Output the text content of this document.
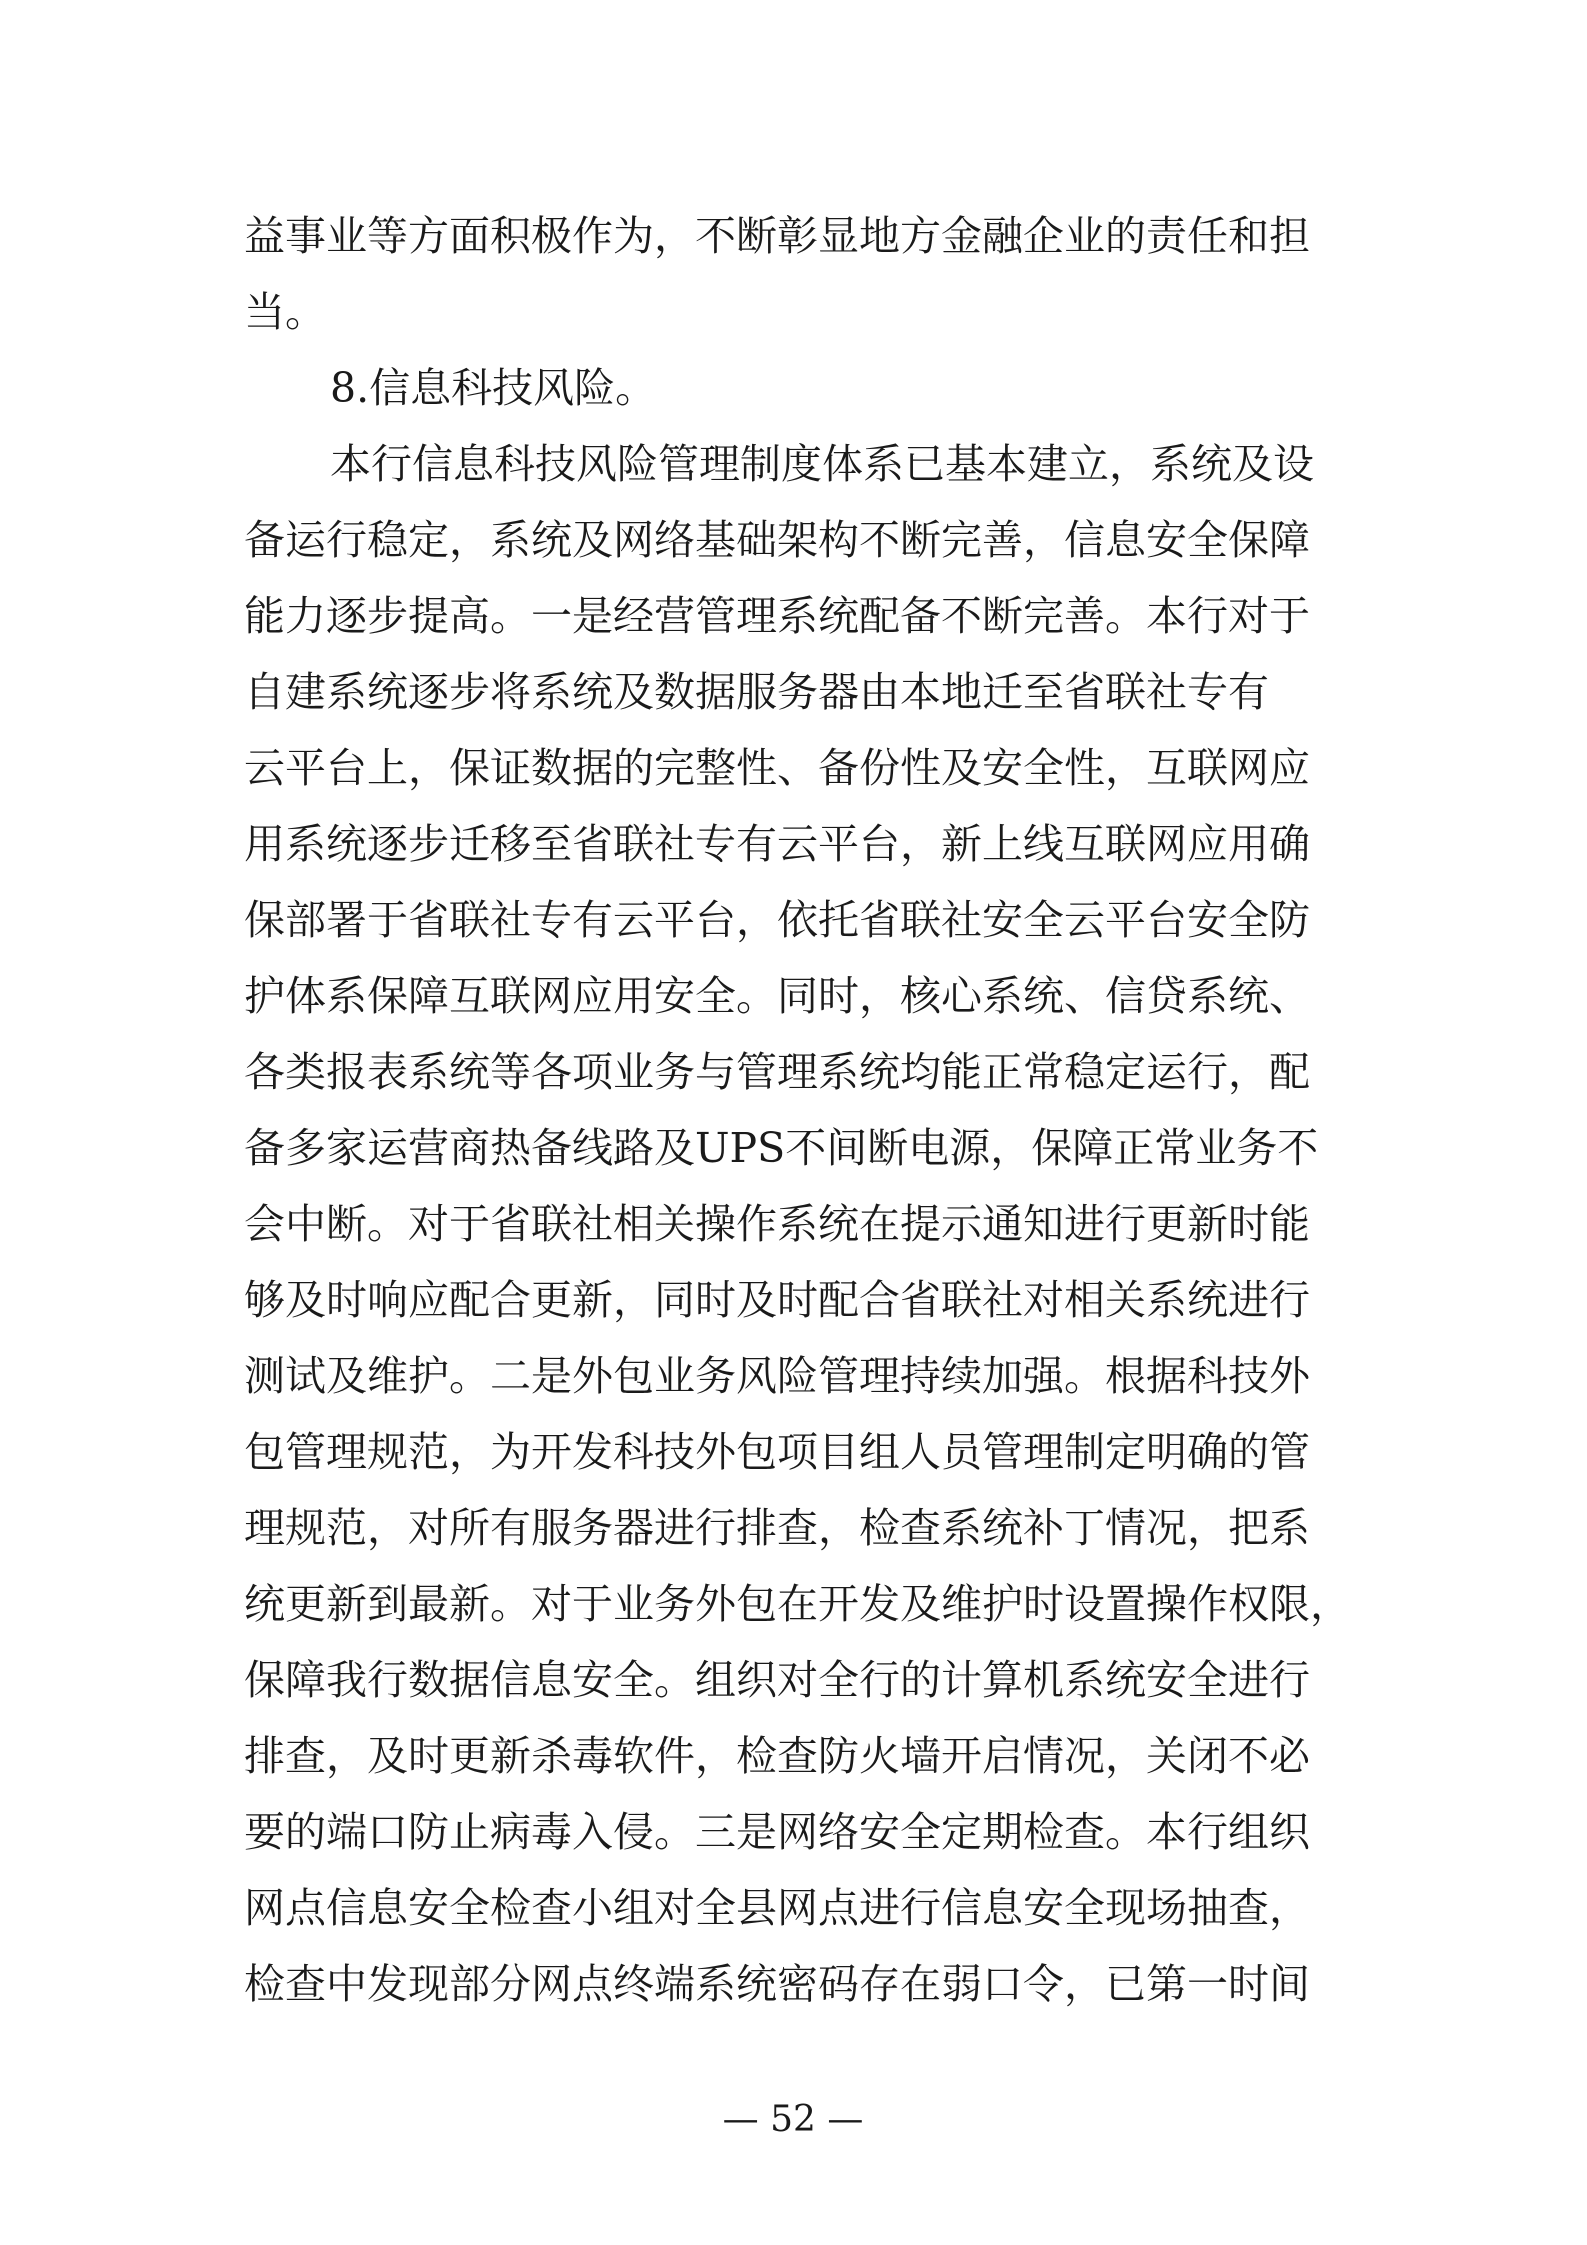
益事业等方面积极作为，不断彰显地方金融企业的责任和担
当。
8.信息科技风险。
本行信息科技风险管理制度体系已基本建立，系统及设
备运行稳定，系统及网络基础架构不断完善，信息安全保障
能力逐步提高。一是经营管理系统配备不断完善。本行对于
自建系统逐步将系统及数据服务器由本地迁至省联社专有
云平台上，保证数据的完整性、备份性及安全性，互联网应
用系统逐步迁移至省联社专有云平台，新上线互联网应用确
保部署于省联社专有云平台，依托省联社安全云平台安全防
护体系保障互联网应用安全。同时，核心系统、信贷系统、
各类报表系统等各项业务与管理系统均能正常稳定运行，配
备多家运营商热备线路及UPS不间断电源，保障正常业务不
会中断。对于省联社相关操作系统在提示通知进行更新时能
够及时响应配合更新，同时及时配合省联社对相关系统进行
测试及维护。二是外包业务风险管理持续加强。根据科技外
包管理规范，为开发科技外包项目组人员管理制定明确的管
理规范，对所有服务器进行排查，检查系统补丁情况，把系
统更新到最新。对于业务外包在开发及维护时设置操作权限，
保障我行数据信息安全。组织对全行的计算机系统安全进行
排查，及时更新杀毒软件，检查防火墙开启情况，关闭不必
要的端口防止病毒入侵。三是网络安全定期检查。本行组织
网点信息安全检查小组对全县网点进行信息安全现场抽查，
检查中发现部分网点终端系统密码存在弱口令，已第一时间
— 52 —
